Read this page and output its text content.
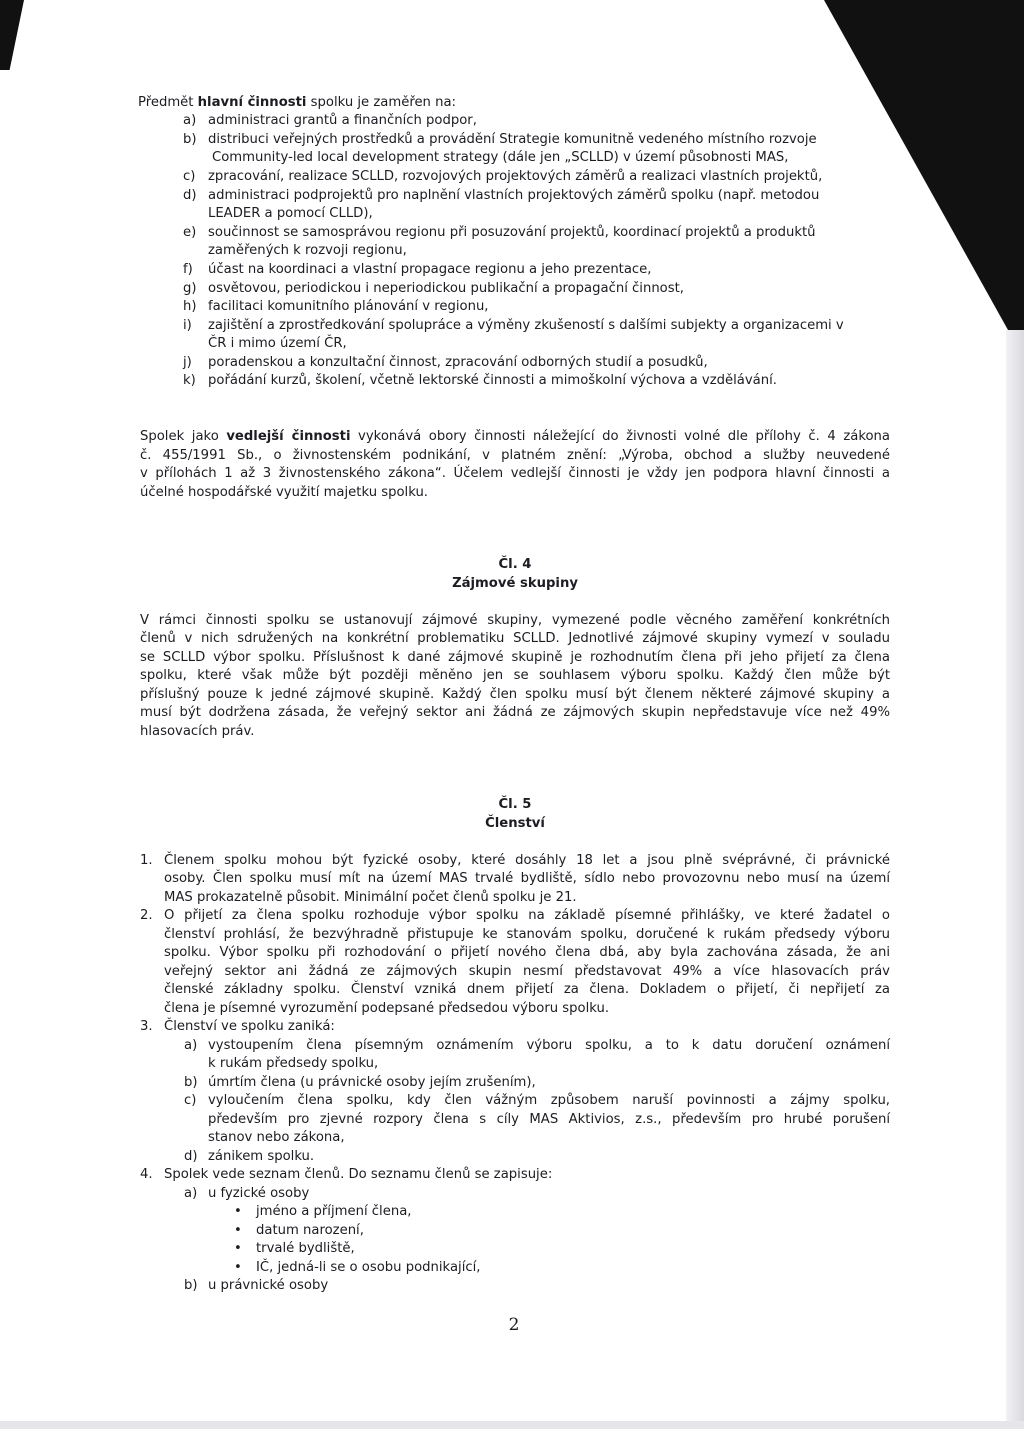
Předmět hlavní činnosti spolku je zaměřen na:
a) administraci grantů a finančních podpor,
b) distribuci veřejných prostředků a provádění Strategie komunitně vedeného místního rozvoje
Community-led local development strategy (dále jen „SCLLD) v území působnosti MAS,
c) zpracování, realizace SCLLD, rozvojových projektových záměrů a realizaci vlastních projektů,
d) administraci podprojektů pro naplnění vlastních projektových záměrů spolku (např. metodou
LEADER a pomocí CLLD),
e) součinnost se samosprávou regionu při posuzování projektů, koordinací projektů a produktů
zaměřených k rozvoji regionu,
f) účast na koordinaci a vlastní propagace regionu a jeho prezentace,
g) osvětovou, periodickou i neperiodickou publikační a propagační činnost,
h) facilitaci komunitního plánování v regionu,
i) zajištění a zprostředkování spolupráce a výměny zkušeností s dalšími subjekty a organizacemi v
ČR i mimo území ČR,
j) poradenskou a konzultační činnost, zpracování odborných studií a posudků,
k) pořádání kurzů, školení, včetně lektorské činnosti a mimoškolní výchova a vzdělávání.
Spolek jako vedlejší činnosti vykonává obory činnosti náležející do živnosti volné dle přílohy č. 4 zákona
č. 455/1991 Sb., o živnostenském podnikání, v platném znění: „Výroba, obchod a služby neuvedené
v přílohách 1 až 3 živnostenského zákona“. Účelem vedlejší činnosti je vždy jen podpora hlavní činnosti a
účelné hospodářské využití majetku spolku.
Čl. 4
Zájmové skupiny
V rámci činnosti spolku se ustanovují zájmové skupiny, vymezené podle věcného zaměření konkrétních
členů v nich sdružených na konkrétní problematiku SCLLD. Jednotlivé zájmové skupiny vymezí v souladu
se SCLLD výbor spolku. Příslušnost k dané zájmové skupině je rozhodnutím člena při jeho přijetí za člena
spolku, které však může být později měněno jen se souhlasem výboru spolku. Každý člen může být
příslušný pouze k jedné zájmové skupině. Každý člen spolku musí být členem některé zájmové skupiny a
musí být dodržena zásada, že veřejný sektor ani žádná ze zájmových skupin nepředstavuje více než 49%
hlasovacích práv.
Čl. 5
Členství
1. Členem spolku mohou být fyzické osoby, které dosáhly 18 let a jsou plně svéprávné, či právnické
osoby. Člen spolku musí mít na území MAS trvalé bydliště, sídlo nebo provozovnu nebo musí na území
MAS prokazatelně působit. Minimální počet členů spolku je 21.
2. O přijetí za člena spolku rozhoduje výbor spolku na základě písemné přihlášky, ve které žadatel o
členství prohlásí, že bezvýhradně přistupuje ke stanovám spolku, doručené k rukám předsedy výboru
spolku. Výbor spolku při rozhodování o přijetí nového člena dbá, aby byla zachována zásada, že ani
veřejný sektor ani žádná ze zájmových skupin nesmí představovat 49% a více hlasovacích práv
členské základny spolku. Členství vzniká dnem přijetí za člena. Dokladem o přijetí, či nepřijetí za
člena je písemné vyrozumění podepsané předsedou výboru spolku.
3. Členství ve spolku zaniká:
a) vystoupením člena písemným oznámením výboru spolku, a to k datu doručení oznámení
k rukám předsedy spolku,
b) úmrtím člena (u právnické osoby jejím zrušením),
c) vyloučením člena spolku, kdy člen vážným způsobem naruší povinnosti a zájmy spolku,
především pro zjevné rozpory člena s cíly MAS Aktivios, z.s., především pro hrubé porušení
stanov nebo zákona,
d) zánikem spolku.
4. Spolek vede seznam členů. Do seznamu členů se zapisuje:
a) u fyzické osoby
• jméno a příjmení člena,
• datum narození,
• trvalé bydliště,
• IČ, jedná-li se o osobu podnikající,
b) u právnické osoby
2
